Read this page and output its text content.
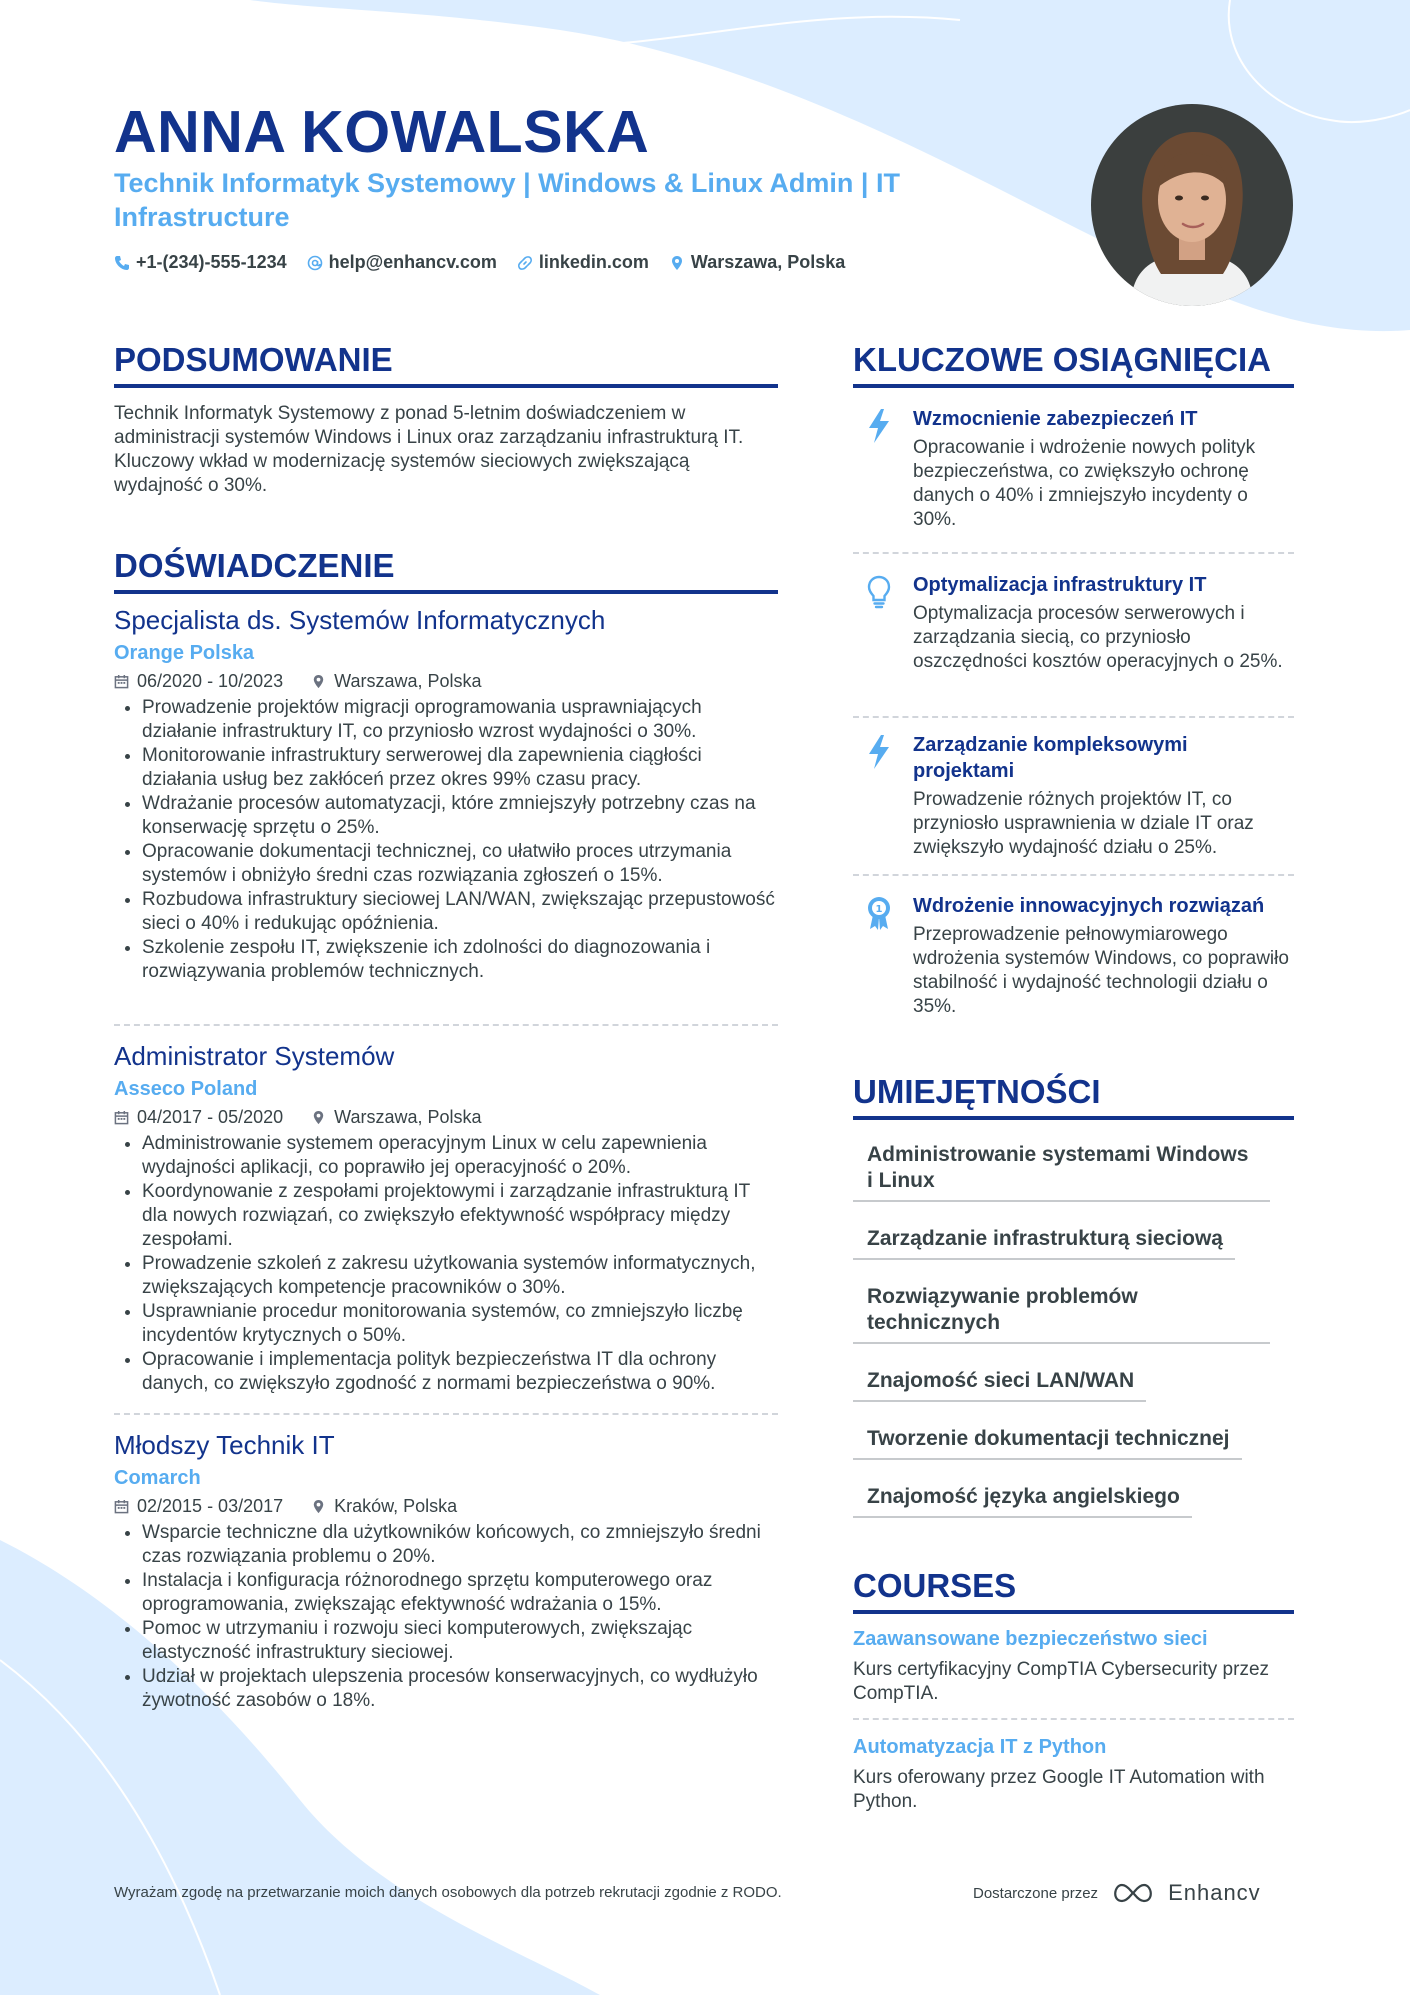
ANNA KOWALSKA

Technik Informatyk Systemowy | Windows & Linux Admin | IT Infrastructure

+1-(234)-555-1234 help@enhancv.com linkedin.com Warszawa, Polska
PODSUMOWANIE

Technik Informatyk Systemowy z ponad 5-letnim doświadczeniem w administracji systemów Windows i Linux oraz zarządzaniu infrastrukturą IT. Kluczowy wkład w modernizację systemów sieciowych zwiększającą wydajność o 30%.

DOŚWIADCZENIE

Specjalista ds. Systemów Informatycznych

Orange Polska

06/2020 - 10/2023	Warszawa, Polska
• Prowadzenie projektów migracji oprogramowania usprawniających działanie infrastruktury IT, co przyniosło wzrost wydajności o 30%.
• Monitorowanie infrastruktury serwerowej dla zapewnienia ciągłości działania usług bez zakłóceń przez okres 99% czasu pracy.
• Wdrażanie procesów automatyzacji, które zmniejszyły potrzebny czas na konserwację sprzętu o 25%.
• Opracowanie dokumentacji technicznej, co ułatwiło proces utrzymania systemów i obniżyło średni czas rozwiązania zgłoszeń o 15%.
• Rozbudowa infrastruktury sieciowej LAN/WAN, zwiększając przepustowość sieci o 40% i redukując opóźnienia.
• Szkolenie zespołu IT, zwiększenie ich zdolności do diagnozowania i rozwiązywania problemów technicznych.

Administrator Systemów

Asseco Poland

04/2017 - 05/2020	Warszawa, Polska
• Administrowanie systemem operacyjnym Linux w celu zapewnienia wydajności aplikacji, co poprawiło jej operacyjność o 20%.
• Koordynowanie z zespołami projektowymi i zarządzanie infrastrukturą IT dla nowych rozwiązań, co zwiększyło efektywność współpracy między zespołami.
• Prowadzenie szkoleń z zakresu użytkowania systemów informatycznych, zwiększających kompetencje pracowników o 30%.
• Usprawnianie procedur monitorowania systemów, co zmniejszyło liczbę incydentów krytycznych o 50%.
• Opracowanie i implementacja polityk bezpieczeństwa IT dla ochrony danych, co zwiększyło zgodność z normami bezpieczeństwa o 90%.

Młodszy Technik IT

Comarch

02/2015 - 03/2017	Kraków, Polska
• Wsparcie techniczne dla użytkowników końcowych, co zmniejszyło średni czas rozwiązania problemu o 20%.
• Instalacja i konfiguracja różnorodnego sprzętu komputerowego oraz oprogramowania, zwiększając efektywność wdrażania o 15%.
• Pomoc w utrzymaniu i rozwoju sieci komputerowych, zwiększając elastyczność infrastruktury sieciowej.
• Udział w projektach ulepszenia procesów konserwacyjnych, co wydłużyło żywotność zasobów o 18%.
KLUCZOWE OSIĄGNIĘCIA

Wzmocnienie zabezpieczeń IT

Opracowanie i wdrożenie nowych polityk bezpieczeństwa, co zwiększyło ochronę danych o 40% i zmniejszyło incydenty o 30%.

Optymalizacja infrastruktury IT

Optymalizacja procesów serwerowych i zarządzania siecią, co przyniosło oszczędności kosztów operacyjnych o 25%.

Zarządzanie kompleksowymi projektami

Prowadzenie różnych projektów IT, co przyniosło usprawnienia w dziale IT oraz zwiększyło wydajność działu o 25%.

1 Wdrożenie innowacyjnych rozwiązań

Przeprowadzenie pełnowymiarowego wdrożenia systemów Windows, co poprawiło stabilność i wydajność technologii działu o 35%.

UMIEJĘTNOŚCI
Administrowanie systemami Windows i Linux
Zarządzanie infrastrukturą sieciową
Rozwiązywanie problemów technicznych
Znajomość sieci LAN/WAN
Tworzenie dokumentacji technicznej
Znajomość języka angielskiego
COURSES

Zaawansowane bezpieczeństwo sieci

Kurs certyfikacyjny CompTIA Cybersecurity przez CompTIA.

Automatyzacja IT z Python

Kurs oferowany przez Google IT Automation with Python.

Wyrażam zgodę na przetwarzanie moich danych osobowych dla potrzeb rekrutacji zgodnie z RODO.	Dostarczone przez	Enhancv
